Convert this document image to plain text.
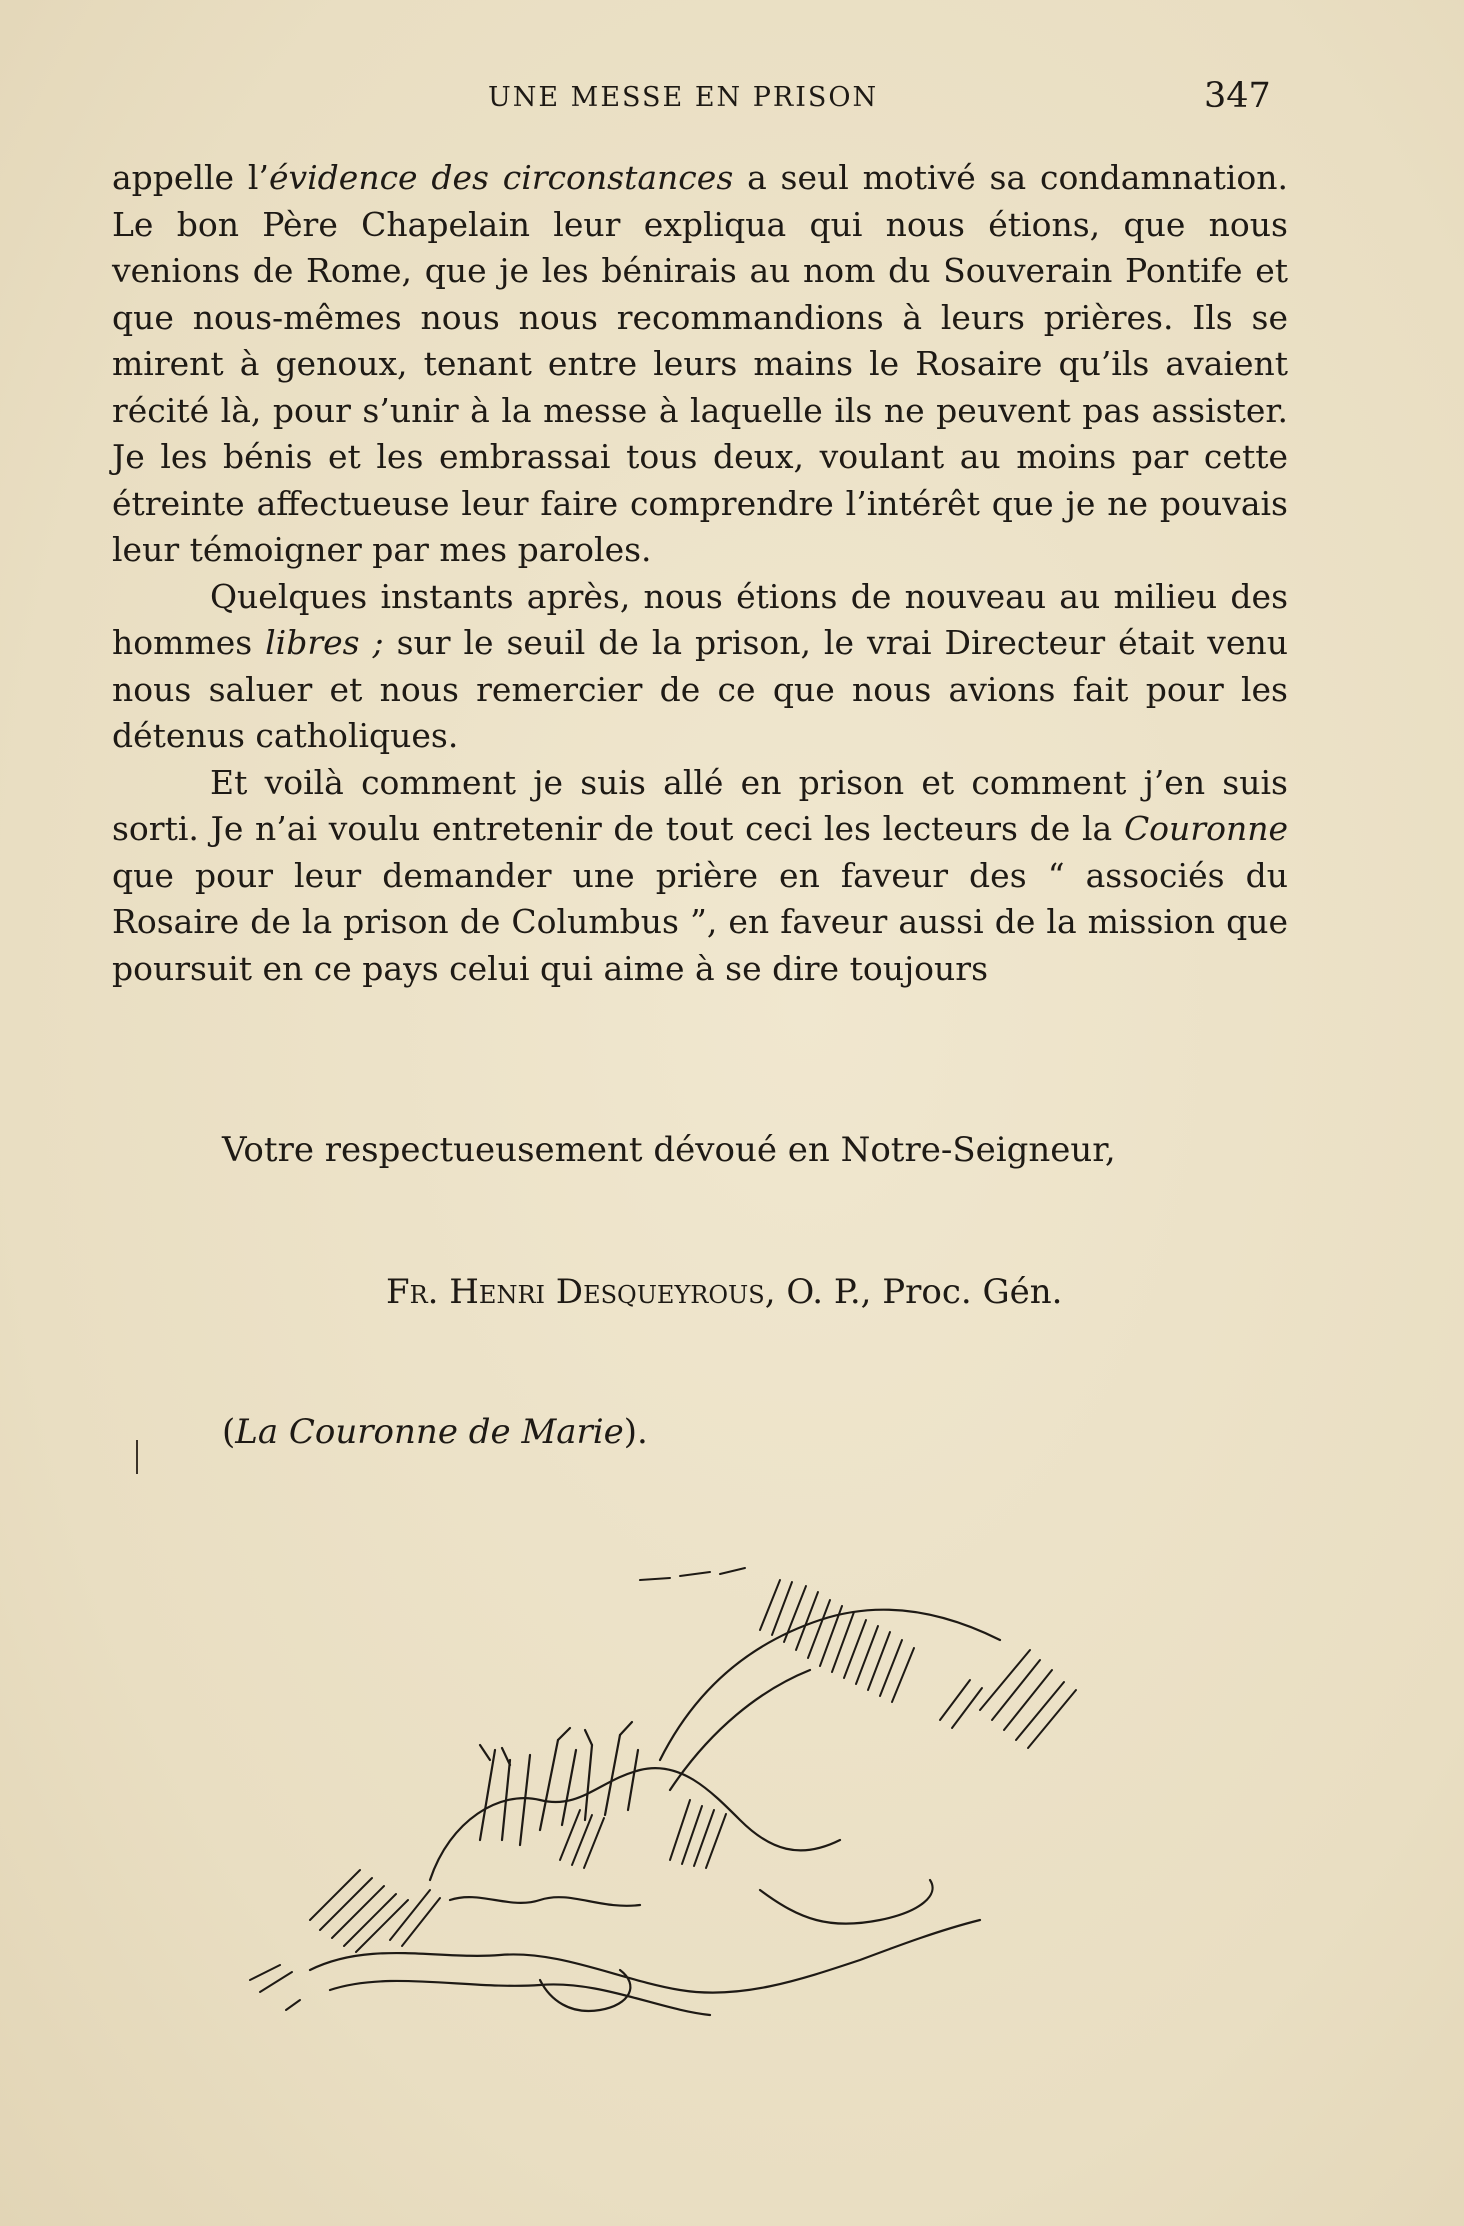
UNE MESSE EN PRISON	347

appelle l’évidence des circonstances a seul motivé sa condamnation. Le bon Père Chapelain leur expliqua qui nous étions, que nous venions de Rome, que je les bénirais au nom du Souverain Pontife et que nous-mêmes nous nous recommandions à leurs prières. Ils se mirent à genoux, tenant entre leurs mains le Rosaire qu’ils avaient récité là, pour s’unir à la messe à laquelle ils ne peuvent pas assister. Je les bénis et les embrassai tous deux, voulant au moins par cette étreinte affectueuse leur faire comprendre l’intérêt que je ne pouvais leur témoigner par mes paroles.

Quelques instants après, nous étions de nouveau au milieu des hommes libres ; sur le seuil de la prison, le vrai Directeur était venu nous saluer et nous remercier de ce que nous avions fait pour les détenus catholiques.

Et voilà comment je suis allé en prison et comment j’en suis sorti. Je n’ai voulu entretenir de tout ceci les lecteurs de la Couronne que pour leur demander une prière en faveur des “ associés du Rosaire de la prison de Columbus ”, en faveur aussi de la mission que poursuit en ce pays celui qui aime à se dire toujours

Votre respectueusement dévoué en Notre-Seigneur,
Fr. Henri Desqueyrous, O. P., Proc. Gén.
(La Couronne de Marie).
